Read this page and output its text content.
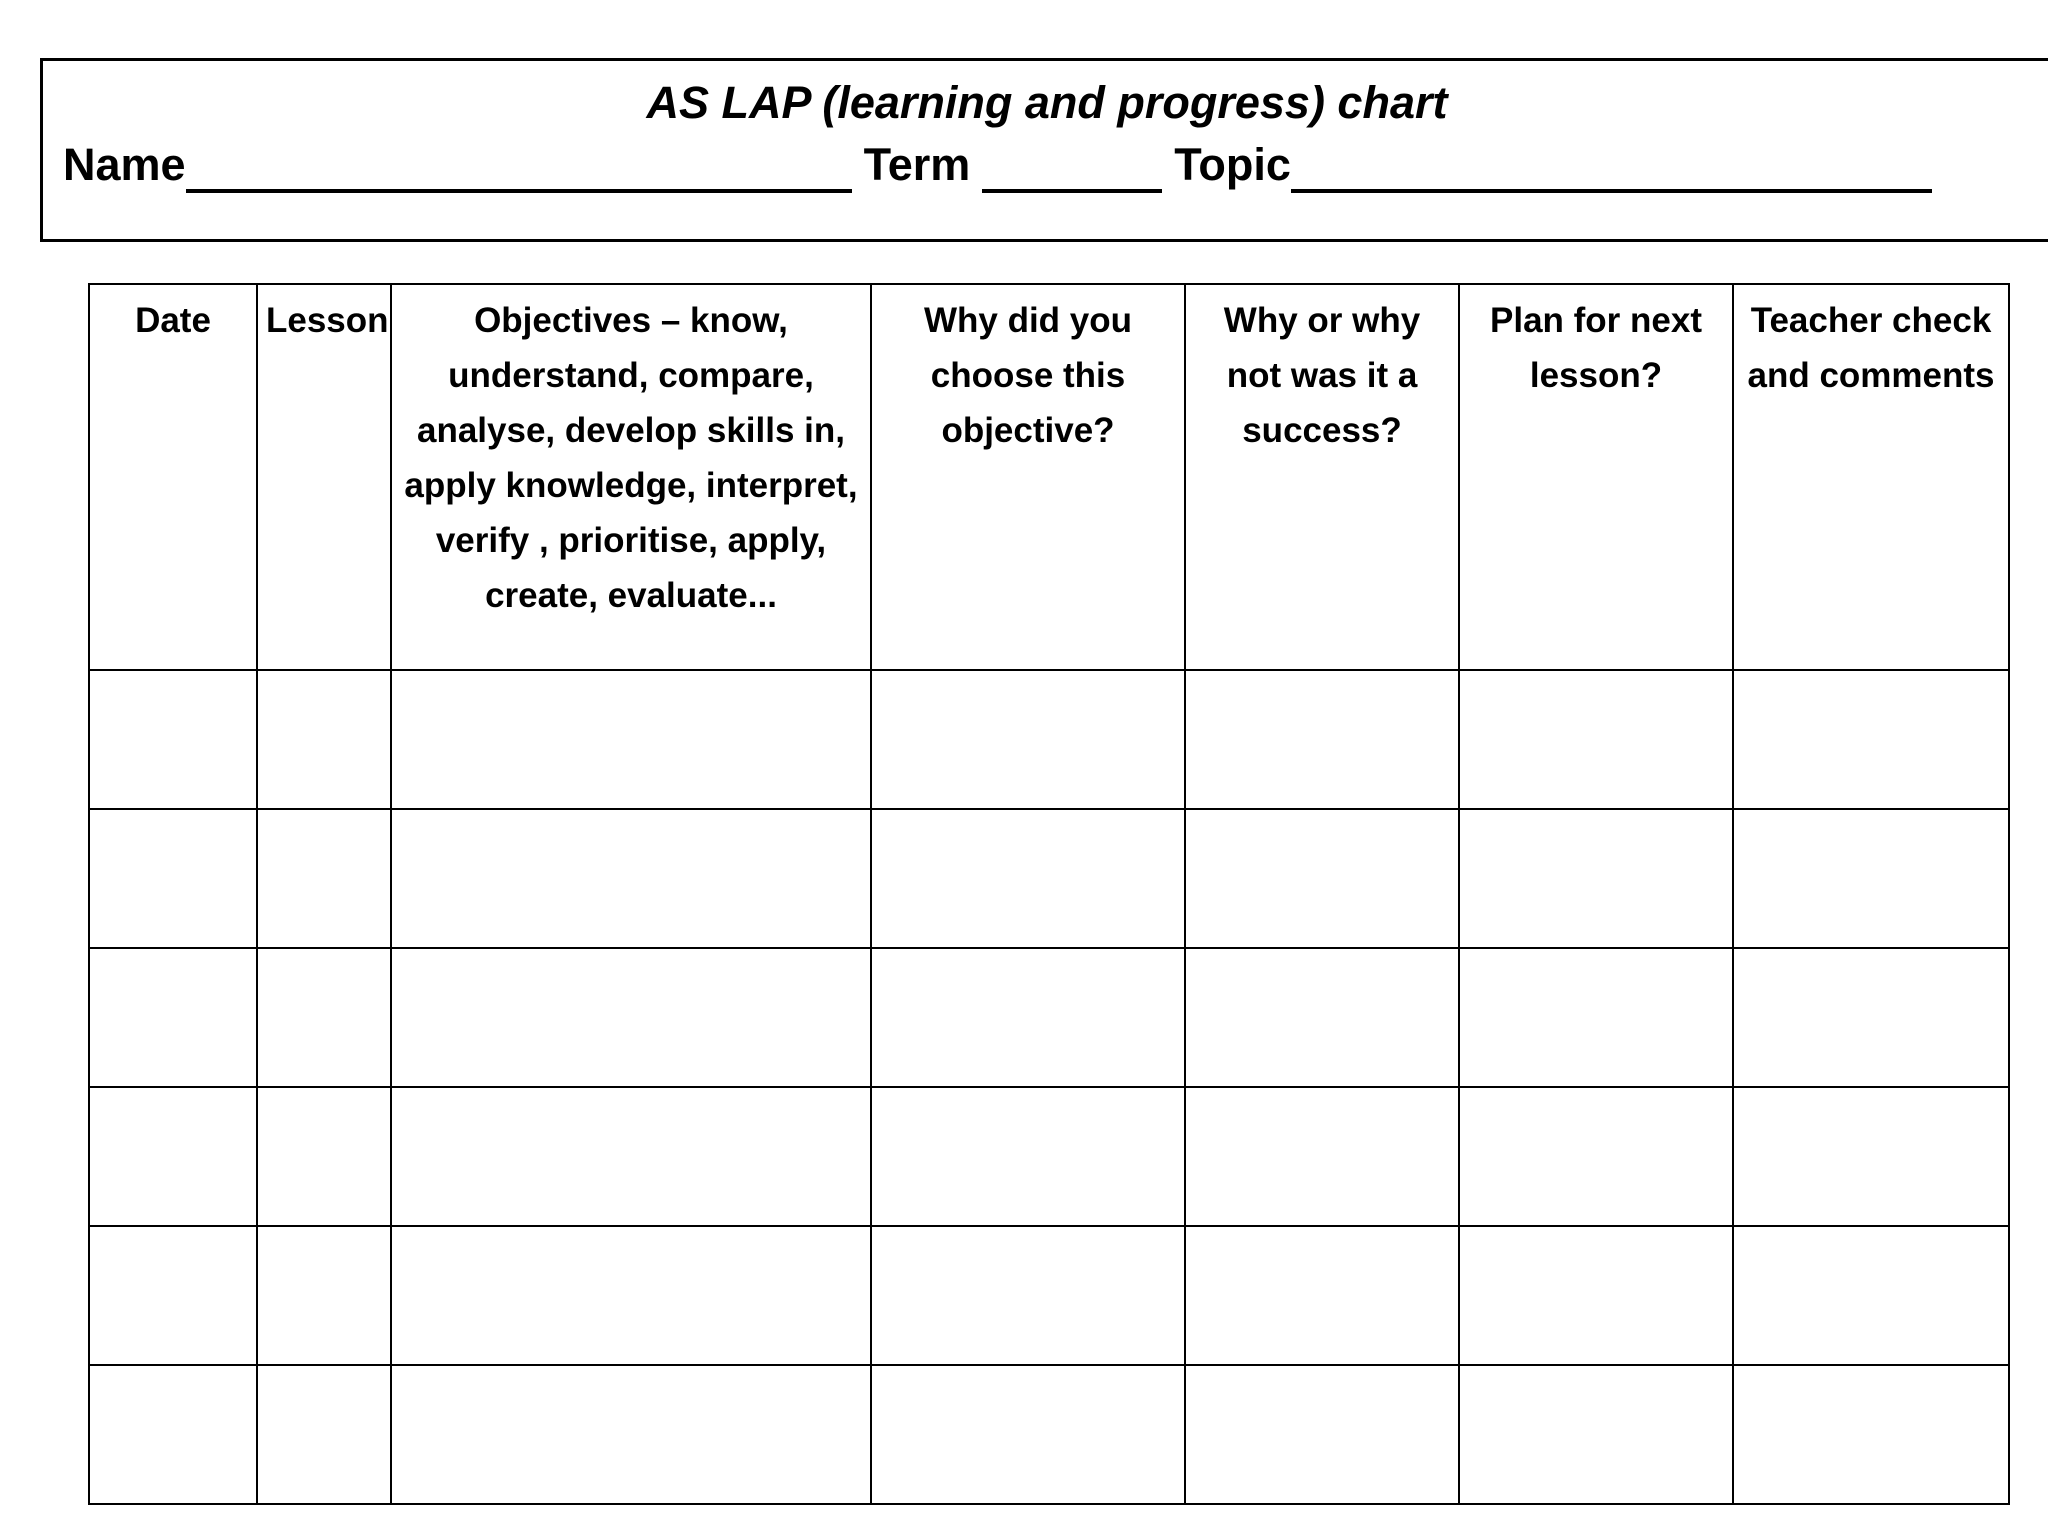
AS LAP (learning and progress) chart
Name	Term	Topic
Date	Lesson	Objectives – know, understand, compare, analyse, develop skills in, apply knowledge, interpret, verify , prioritise, apply, create, evaluate...	Why did you choose this objective?	Why or why not was it a success?	Plan for next lesson?	Teacher check and comments
